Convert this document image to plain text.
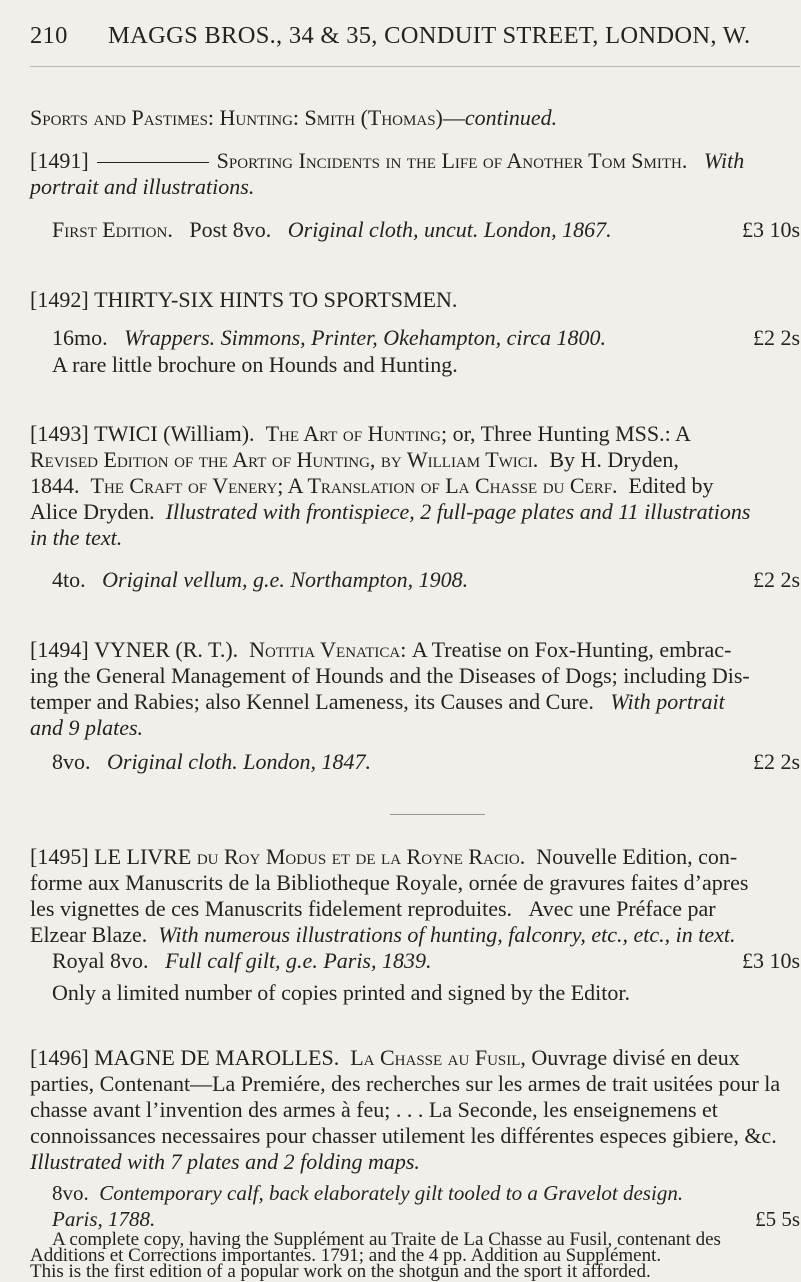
210 MAGGS BROS., 34 & 35, CONDUIT STREET, LONDON, W.
Sports and Pastimes: Hunting: Smith (Thomas)—continued.
[1491]	Sporting Incidents in the Life of Another Tom Smith. With
portrait and illustrations.
First Edition. Post 8vo. Original cloth, uncut. London, 1867.	£3 10s
[1492] THIRTY-SIX HINTS TO SPORTSMEN.
16mo. Wrappers. Simmons, Printer, Okehampton, circa 1800.	£2 2s
A rare little brochure on Hounds and Hunting.
[1493] TWICI (William). The Art of Hunting; or, Three Hunting MSS.: A
Revised Edition of the Art of Hunting, by William Twici. By H. Dryden,
1844. The Craft of Venery; A Translation of La Chasse du Cerf. Edited by
Alice Dryden. Illustrated with frontispiece, 2 full-page plates and 11 illustrations
in the text.
4to. Original vellum, g.e. Northampton, 1908.	£2 2s
[1494] VYNER (R. T.). Notitia Venatica: A Treatise on Fox-Hunting, embrac-
ing the General Management of Hounds and the Diseases of Dogs; including Dis-
temper and Rabies; also Kennel Lameness, its Causes and Cure. With portrait
and 9 plates.
8vo. Original cloth. London, 1847.	£2 2s
[1495] LE LIVRE du Roy Modus et de la Royne Racio. Nouvelle Edition, con-
forme aux Manuscrits de la Bibliotheque Royale, ornée de gravures faites d’apres
les vignettes de ces Manuscrits fidelement reproduites. Avec une Préface par
Elzear Blaze. With numerous illustrations of hunting, falconry, etc., etc., in text.
Royal 8vo. Full calf gilt, g.e. Paris, 1839.	£3 10s
Only a limited number of copies printed and signed by the Editor.
[1496] MAGNE DE MAROLLES. La Chasse au Fusil, Ouvrage divisé en deux
parties, Contenant—La Premiére, des recherches sur les armes de trait usitées pour la
chasse avant l’invention des armes à feu; . . . La Seconde, les enseignemens et
connoissances necessaires pour chasser utilement les différentes especes gibiere, &c.
Illustrated with 7 plates and 2 folding maps.
8vo. Contemporary calf, back elaborately gilt tooled to a Gravelot design.
Paris, 1788.	£5 5s
A complete copy, having the Supplément au Traite de La Chasse au Fusil, contenant des
Additions et Corrections importantes. 1791; and the 4 pp. Addition au Supplément.
This is the first edition of a popular work on the shotgun and the sport it afforded.
